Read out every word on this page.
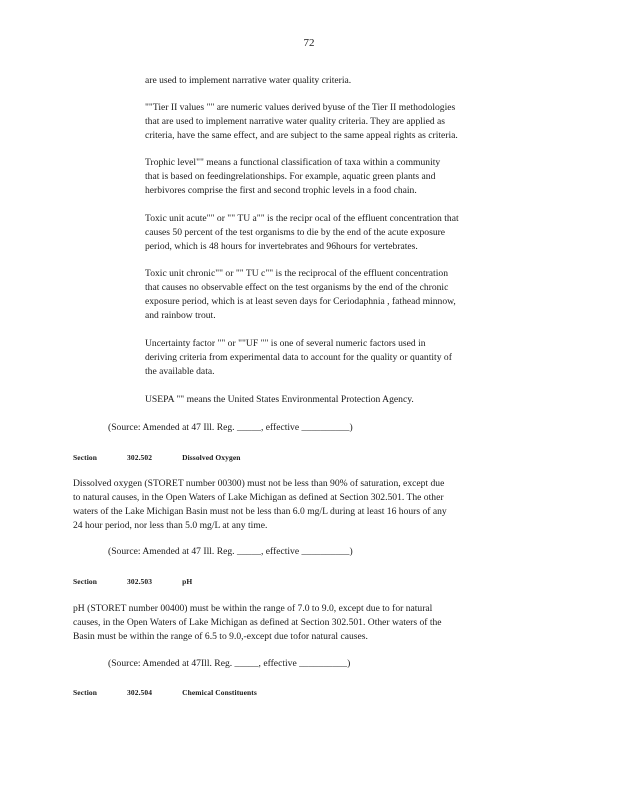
72
are used to implement narrative water quality criteria.
""Tier II values "" are numeric values derived byuse of the Tier II methodologies
that are used to implement narrative water quality criteria. They are applied as
criteria, have the same effect, and are subject to the same appeal rights as criteria.
Trophic level"" means a functional classification of taxa within a community
that is based on feedingrelationships. For example, aquatic green plants and
herbivores comprise the first and second trophic levels in a food chain.
Toxic unit acute"" or "" TU a"" is the recipr ocal of the effluent concentration that
causes 50 percent of the test organisms to die by the end of the acute exposure
period, which is 48 hours for invertebrates and 96hours for vertebrates.
Toxic unit chronic"" or "" TU c"" is the reciprocal of the effluent concentration
that causes no observable effect on the test organisms by the end of the chronic
exposure period, which is at least seven days for Ceriodaphnia , fathead minnow,
and rainbow trout.
Uncertainty factor "" or ""UF "" is one of several numeric factors used in
deriving criteria from experimental data to account for the quality or quantity of
the available data.
USEPA "" means the United States Environmental Protection Agency.
(Source: Amended at 47 Ill. Reg. _____, effective __________)
Section	302.502	Dissolved Oxygen
Dissolved oxygen (STORET number 00300) must not be less than 90% of saturation, except due
to natural causes, in the Open Waters of Lake Michigan as defined at Section 302.501. The other
waters of the Lake Michigan Basin must not be less than 6.0 mg/L during at least 16 hours of any
24 hour period, nor less than 5.0 mg/L at any time.
(Source: Amended at 47 Ill. Reg. _____, effective __________)
Section	302.503	pH
pH (STORET number 00400) must be within the range of 7.0 to 9.0, except due to for natural
causes, in the Open Waters of Lake Michigan as defined at Section 302.501. Other waters of the
Basin must be within the range of 6.5 to 9.0,-except due tofor natural causes.
(Source: Amended at 47Ill. Reg. _____, effective __________)
Section	302.504	Chemical Constituents
